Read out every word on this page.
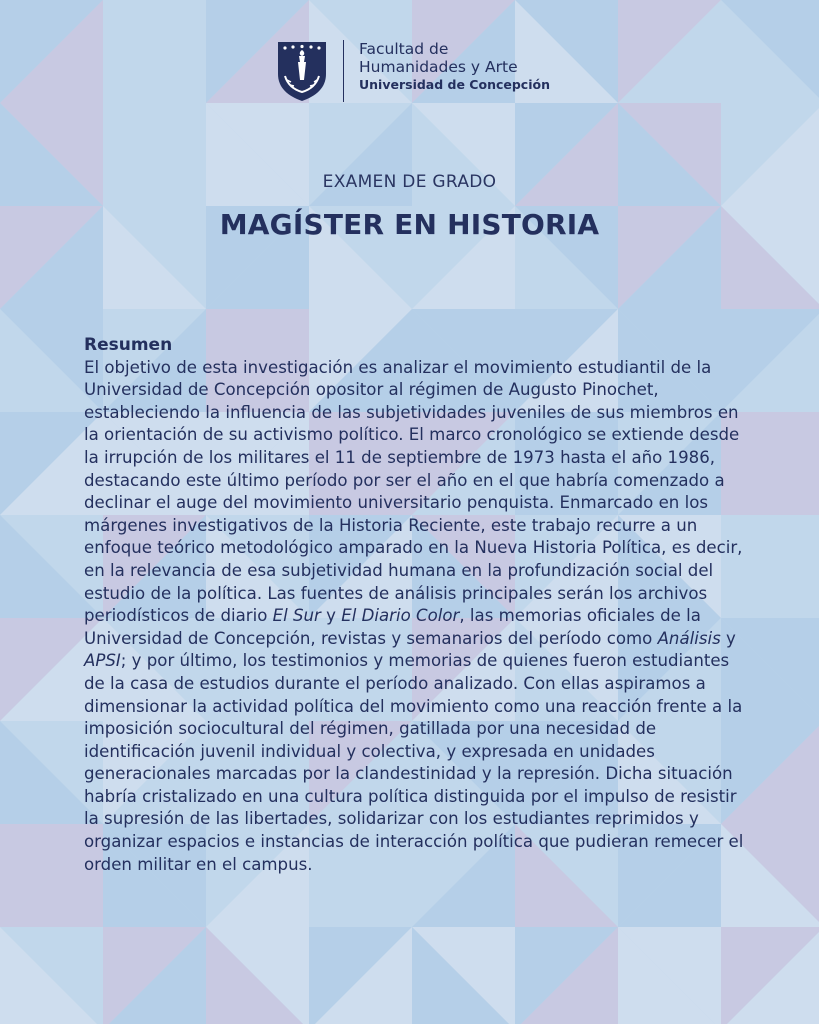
Facultad de
Humanidades y Arte
Universidad de Concepción
EXAMEN DE GRADO
MAGÍSTER EN HISTORIA
Resumen

El objetivo de esta investigación es analizar el movimiento estudiantil de la Universidad de Concepción opositor al régimen de Augusto Pinochet, estableciendo la influencia de las subjetividades juveniles de sus miembros en la orientación de su activismo político. El marco cronológico se extiende desde la irrupción de los militares el 11 de septiembre de 1973 hasta el año 1986, destacando este último período por ser el año en el que habría comenzado a declinar el auge del movimiento universitario penquista. Enmarcado en los márgenes investigativos de la Historia Reciente, este trabajo recurre a un enfoque teórico metodológico amparado en la Nueva Historia Política, es decir, en la relevancia de esa subjetividad humana en la profundización social del estudio de la política. Las fuentes de análisis principales serán los archivos periodísticos de diario El Sur y El Diario Color, las memorias oficiales de la Universidad de Concepción, revistas y semanarios del período como Análisis y APSI; y por último, los testimonios y memorias de quienes fueron estudiantes de la casa de estudios durante el período analizado. Con ellas aspiramos a dimensionar la actividad política del movimiento como una reacción frente a la imposición sociocultural del régimen, gatillada por una necesidad de identificación juvenil individual y colectiva, y expresada en unidades generacionales marcadas por la clandestinidad y la represión. Dicha situación habría cristalizado en una cultura política distinguida por el impulso de resistir la supresión de las libertades, solidarizar con los estudiantes reprimidos y organizar espacios e instancias de interacción política que pudieran remecer el orden militar en el campus.
